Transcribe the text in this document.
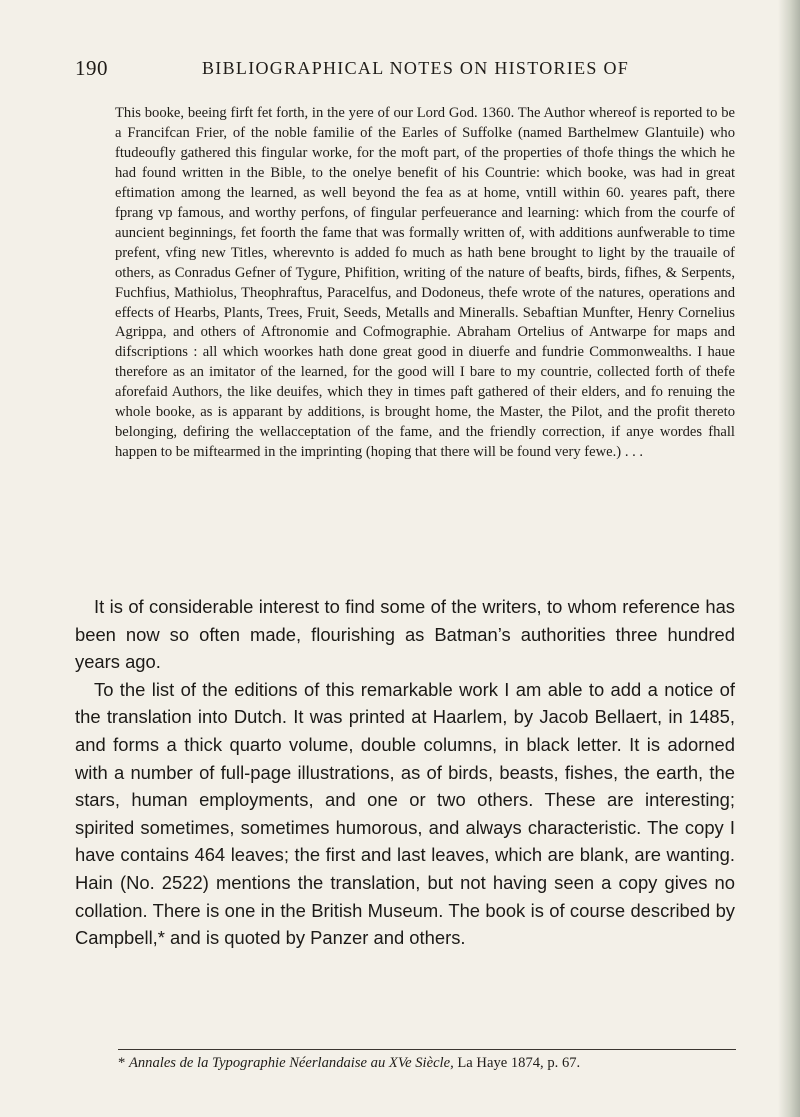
190	BIBLIOGRAPHICAL NOTES ON HISTORIES OF

This booke, beeing firft fet forth, in the yere of our Lord God. 1360. The Author whereof is reported to be a Francifcan Frier, of the noble familie of the Earles of Suffolke (named Barthelmew Glantuile) who ftudeoufly gathered this fingular worke, for the moft part, of the properties of thofe things the which he had found written in the Bible, to the onelye benefit of his Countrie: which booke, was had in great eftimation among the learned, as well beyond the fea as at home, vntill within 60. yeares paft, there fprang vp famous, and worthy perfons, of fingular perfeuerance and learning: which from the courfe of auncient beginnings, fet foorth the fame that was formally written of, with additions aunfwerable to time prefent, vfing new Titles, wherevnto is added fo much as hath bene brought to light by the trauaile of others, as Conradus Gefner of Tygure, Phifition, writing of the nature of beafts, birds, fifhes, & Serpents, Fuchfius, Mathiolus, Theophraftus, Paracelfus, and Dodoneus, thefe wrote of the natures, operations and effects of Hearbs, Plants, Trees, Fruit, Seeds, Metalls and Mineralls. Sebaftian Munfter, Henry Cornelius Agrippa, and others of Aftronomie and Cofmographie. Abraham Ortelius of Antwarpe for maps and difscriptions : all which woorkes hath done great good in diuerfe and fundrie Commonwealths. I haue therefore as an imitator of the learned, for the good will I bare to my countrie, collected forth of thefe aforefaid Authors, the like deuifes, which they in times paft gathered of their elders, and fo renuing the whole booke, as is apparant by additions, is brought home, the Master, the Pilot, and the profit thereto belonging, defiring the wellacceptation of the fame, and the friendly correction, if anye wordes fhall happen to be miftearmed in the imprinting (hoping that there will be found very fewe.) . . .

It is of considerable interest to find some of the writers, to whom reference has been now so often made, flourishing as Batman’s authorities three hundred years ago.

To the list of the editions of this remarkable work I am able to add a notice of the translation into Dutch. It was printed at Haarlem, by Jacob Bellaert, in 1485, and forms a thick quarto volume, double columns, in black letter. It is adorned with a number of full-page illustrations, as of birds, beasts, fishes, the earth, the stars, human employments, and one or two others. These are interesting; spirited sometimes, sometimes humorous, and always characteristic. The copy I have contains 464 leaves; the first and last leaves, which are blank, are wanting. Hain (No. 2522) mentions the translation, but not having seen a copy gives no collation. There is one in the British Museum. The book is of course described by Campbell,* and is quoted by Panzer and others.

* Annales de la Typographie Néerlandaise au XVe Siècle, La Haye 1874, p. 67.
